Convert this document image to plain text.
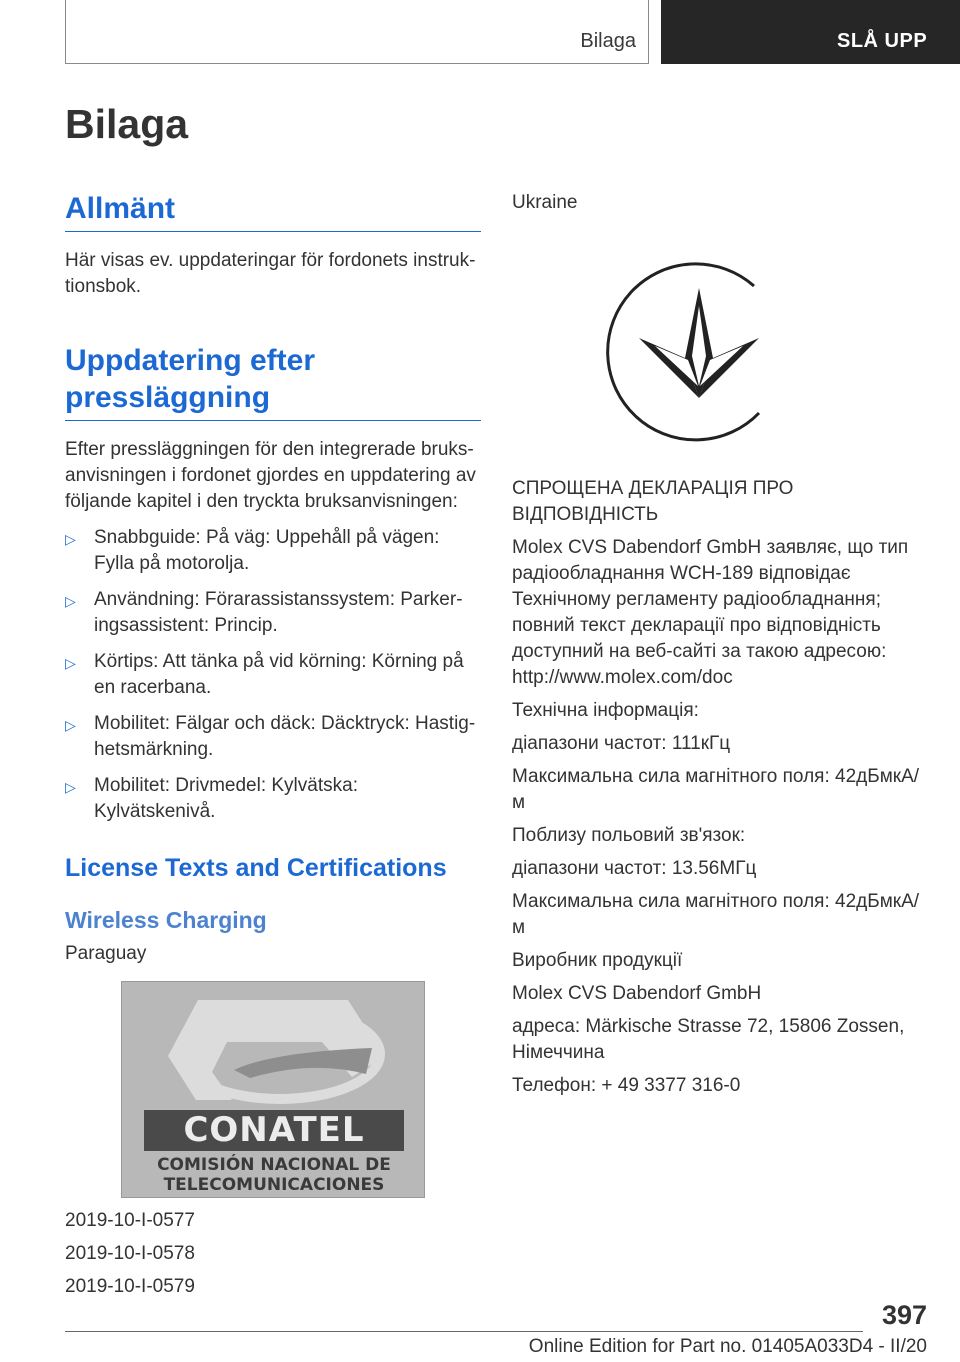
Bilaga	SLÅ UPP
Bilaga
Allmänt

Här visas ev. uppdateringar för fordonets instruktionsbok.

Uppdatering efter pressläggning

Efter pressläggningen för den integrerade bruksanvisningen i fordonet gjordes en uppdatering av följande kapitel i den tryckta bruksanvisningen:

▷ Snabbguide: På väg: Uppehåll på vägen: Fylla på motorolja.
▷ Användning: Förarassistanssystem: Parkeringsassistent: Princip.
▷ Körtips: Att tänka på vid körning: Körning på en racerbana.
▷ Mobilitet: Fälgar och däck: Däcktryck: Hastighetsmärkning.
▷ Mobilitet: Drivmedel: Kylvätska: Kylvätskenivå.
License Texts and Certifications
Wireless Charging

Paraguay

CONATEL
COMISIÓN NACIONAL DE
TELECOMUNICACIONES

2019-10-I-0577

2019-10-I-0578

2019-10-I-0579

Ukraine

СПРОЩЕНА ДЕКЛАРАЦІЯ ПРО ВІДПОВІДНІСТЬ

Molex CVS Dabendorf GmbH заявляє, що тип радіообладнання WCH-189 відповідає Технічному регламенту радіообладнання; повний текст декларації про відповідність доступний на веб-сайті за такою адресою: http://www.molex.com/doc

Технічна інформація:

діапазони частот: 111кГц

Максимальна сила магнітного поля: 42дБмкА/м

Поблизу польовий зв'язок:

діапазони частот: 13.56МГц

Максимальна сила магнітного поля: 42дБмкА/м

Виробник продукції

Molex CVS Dabendorf GmbH

адреса: Märkische Strasse 72, 15806 Zossen, Німеччина

Телефон: + 49 3377 316-0

397
Online Edition for Part no. 01405A033D4 - II/20
